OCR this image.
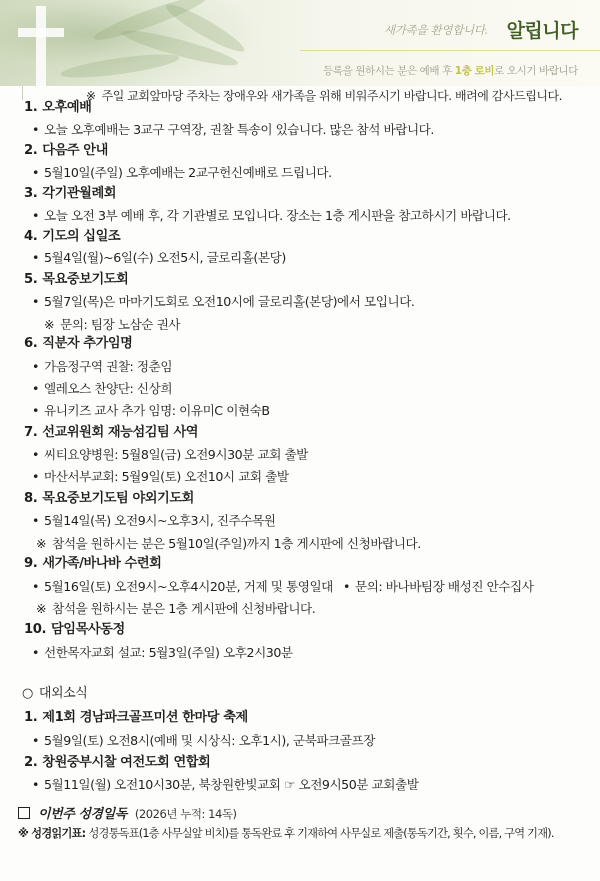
새가족을 환영합니다. 알립니다
등록을 원하시는 분은 예배 후 1층 로비로 오시기 바랍니다
※ 주일 교회앞마당 주차는 장애우와 새가족을 위해 비워주시기 바랍니다. 배려에 감사드립니다.
1. 오후예배
• 오늘 오후예배는 3교구 구역장, 권찰 특송이 있습니다. 많은 참석 바랍니다.
2. 다음주 안내
• 5월10일(주일) 오후예배는 2교구헌신예배로 드립니다.
3. 각기관월례회
• 오늘 오전 3부 예배 후, 각 기관별로 모입니다. 장소는 1층 게시판을 참고하시기 바랍니다.
4. 기도의 십일조
• 5월4일(월)~6일(수) 오전5시, 글로리홀(본당)
5. 목요중보기도회
• 5월7일(목)은 마마기도회로 오전10시에 글로리홀(본당)에서 모입니다.
※ 문의: 팀장 노삼순 권사
6. 직분자 추가임명
• 가음정구역 권찰: 정춘임
• 엘레오스 찬양단: 신상희
• 유니키즈 교사 추가 임명: 이유미C 이현숙B
7. 선교위원회 재능섬김팀 사역
• 씨티요양병원: 5월8일(금) 오전9시30분 교회 출발
• 마산서부교회: 5월9일(토) 오전10시 교회 출발
8. 목요중보기도팀 야외기도회
• 5월14일(목) 오전9시~오후3시, 진주수목원
※ 참석을 원하시는 분은 5월10일(주일)까지 1층 게시판에 신청바랍니다.
9. 새가족/바나바 수련회
• 5월16일(토) 오전9시~오후4시20분, 거제 및 통영일대
•	문의: 바나바팀장 배성진 안수집사
※ 참석을 원하시는 분은 1층 게시판에 신청바랍니다.
10. 담임목사동정
• 선한목자교회 설교: 5월3일(주일) 오후2시30분
○ 대외소식
1. 제1회 경남파크골프미션 한마당 축제
• 5월9일(토) 오전8시(예배 및 시상식: 오후1시), 군북파크골프장
2. 창원중부시찰 여전도회 연합회
• 5월11일(월) 오전10시30분, 북창원한빛교회 ☞ 오전9시50분 교회출발
이번주 성경일독 (2026년 누적: 14독)
※ 성경읽기표: 성경통독표(1층 사무실앞 비치)를 통독완료 후 기재하여 사무실로 제출(통독기간, 횟수, 이름, 구역 기재).
